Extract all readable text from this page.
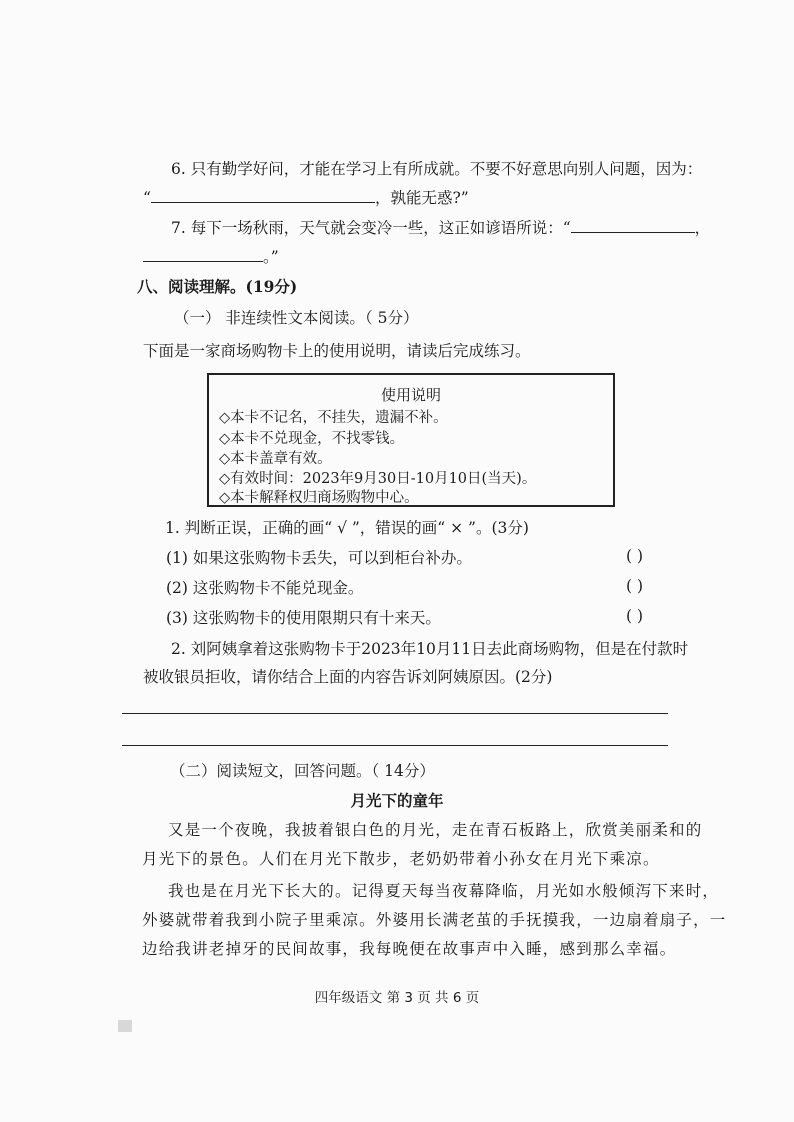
6. 只有勤学好问，才能在学习上有所成就。不要不好意思向别人问题，因为：
“	，孰能无惑?”
7. 每下一场秋雨，天气就会变冷一些，这正如谚语所说：“	，
。”
八、阅读理解。(19分)
（一） 非连续性文本阅读。（ 5分）
下面是一家商场购物卡上的使用说明，请读后完成练习。
使用说明
◇本卡不记名，不挂失，遗漏不补。
◇本卡不兑现金，不找零钱。
◇本卡盖章有效。
◇有效时间：2023年9月30日-10月10日(当天)。
◇本卡解释权归商场购物中心。
1. 判断正误，正确的画“ √ ”，错误的画“ × ”。(3分)
(1) 如果这张购物卡丢失，可以到柜台补办。	( )
(2) 这张购物卡不能兑现金。	( )
(3) 这张购物卡的使用限期只有十来天。	( )
2. 刘阿姨拿着这张购物卡于2023年10月11日去此商场购物，但是在付款时
被收银员拒收，请你结合上面的内容告诉刘阿姨原因。(2分)
（二）阅读短文，回答问题。（ 14分）
月光下的童年
又是一个夜晚，我披着银白色的月光，走在青石板路上，欣赏美丽柔和的
月光下的景色。人们在月光下散步，老奶奶带着小孙女在月光下乘凉。
我也是在月光下长大的。记得夏天每当夜幕降临，月光如水般倾泻下来时，
外婆就带着我到小院子里乘凉。外婆用长满老茧的手抚摸我，一边扇着扇子，一
边给我讲老掉牙的民间故事，我每晚便在故事声中入睡，感到那么幸福。
四年级语文 第 3 页 共 6 页
